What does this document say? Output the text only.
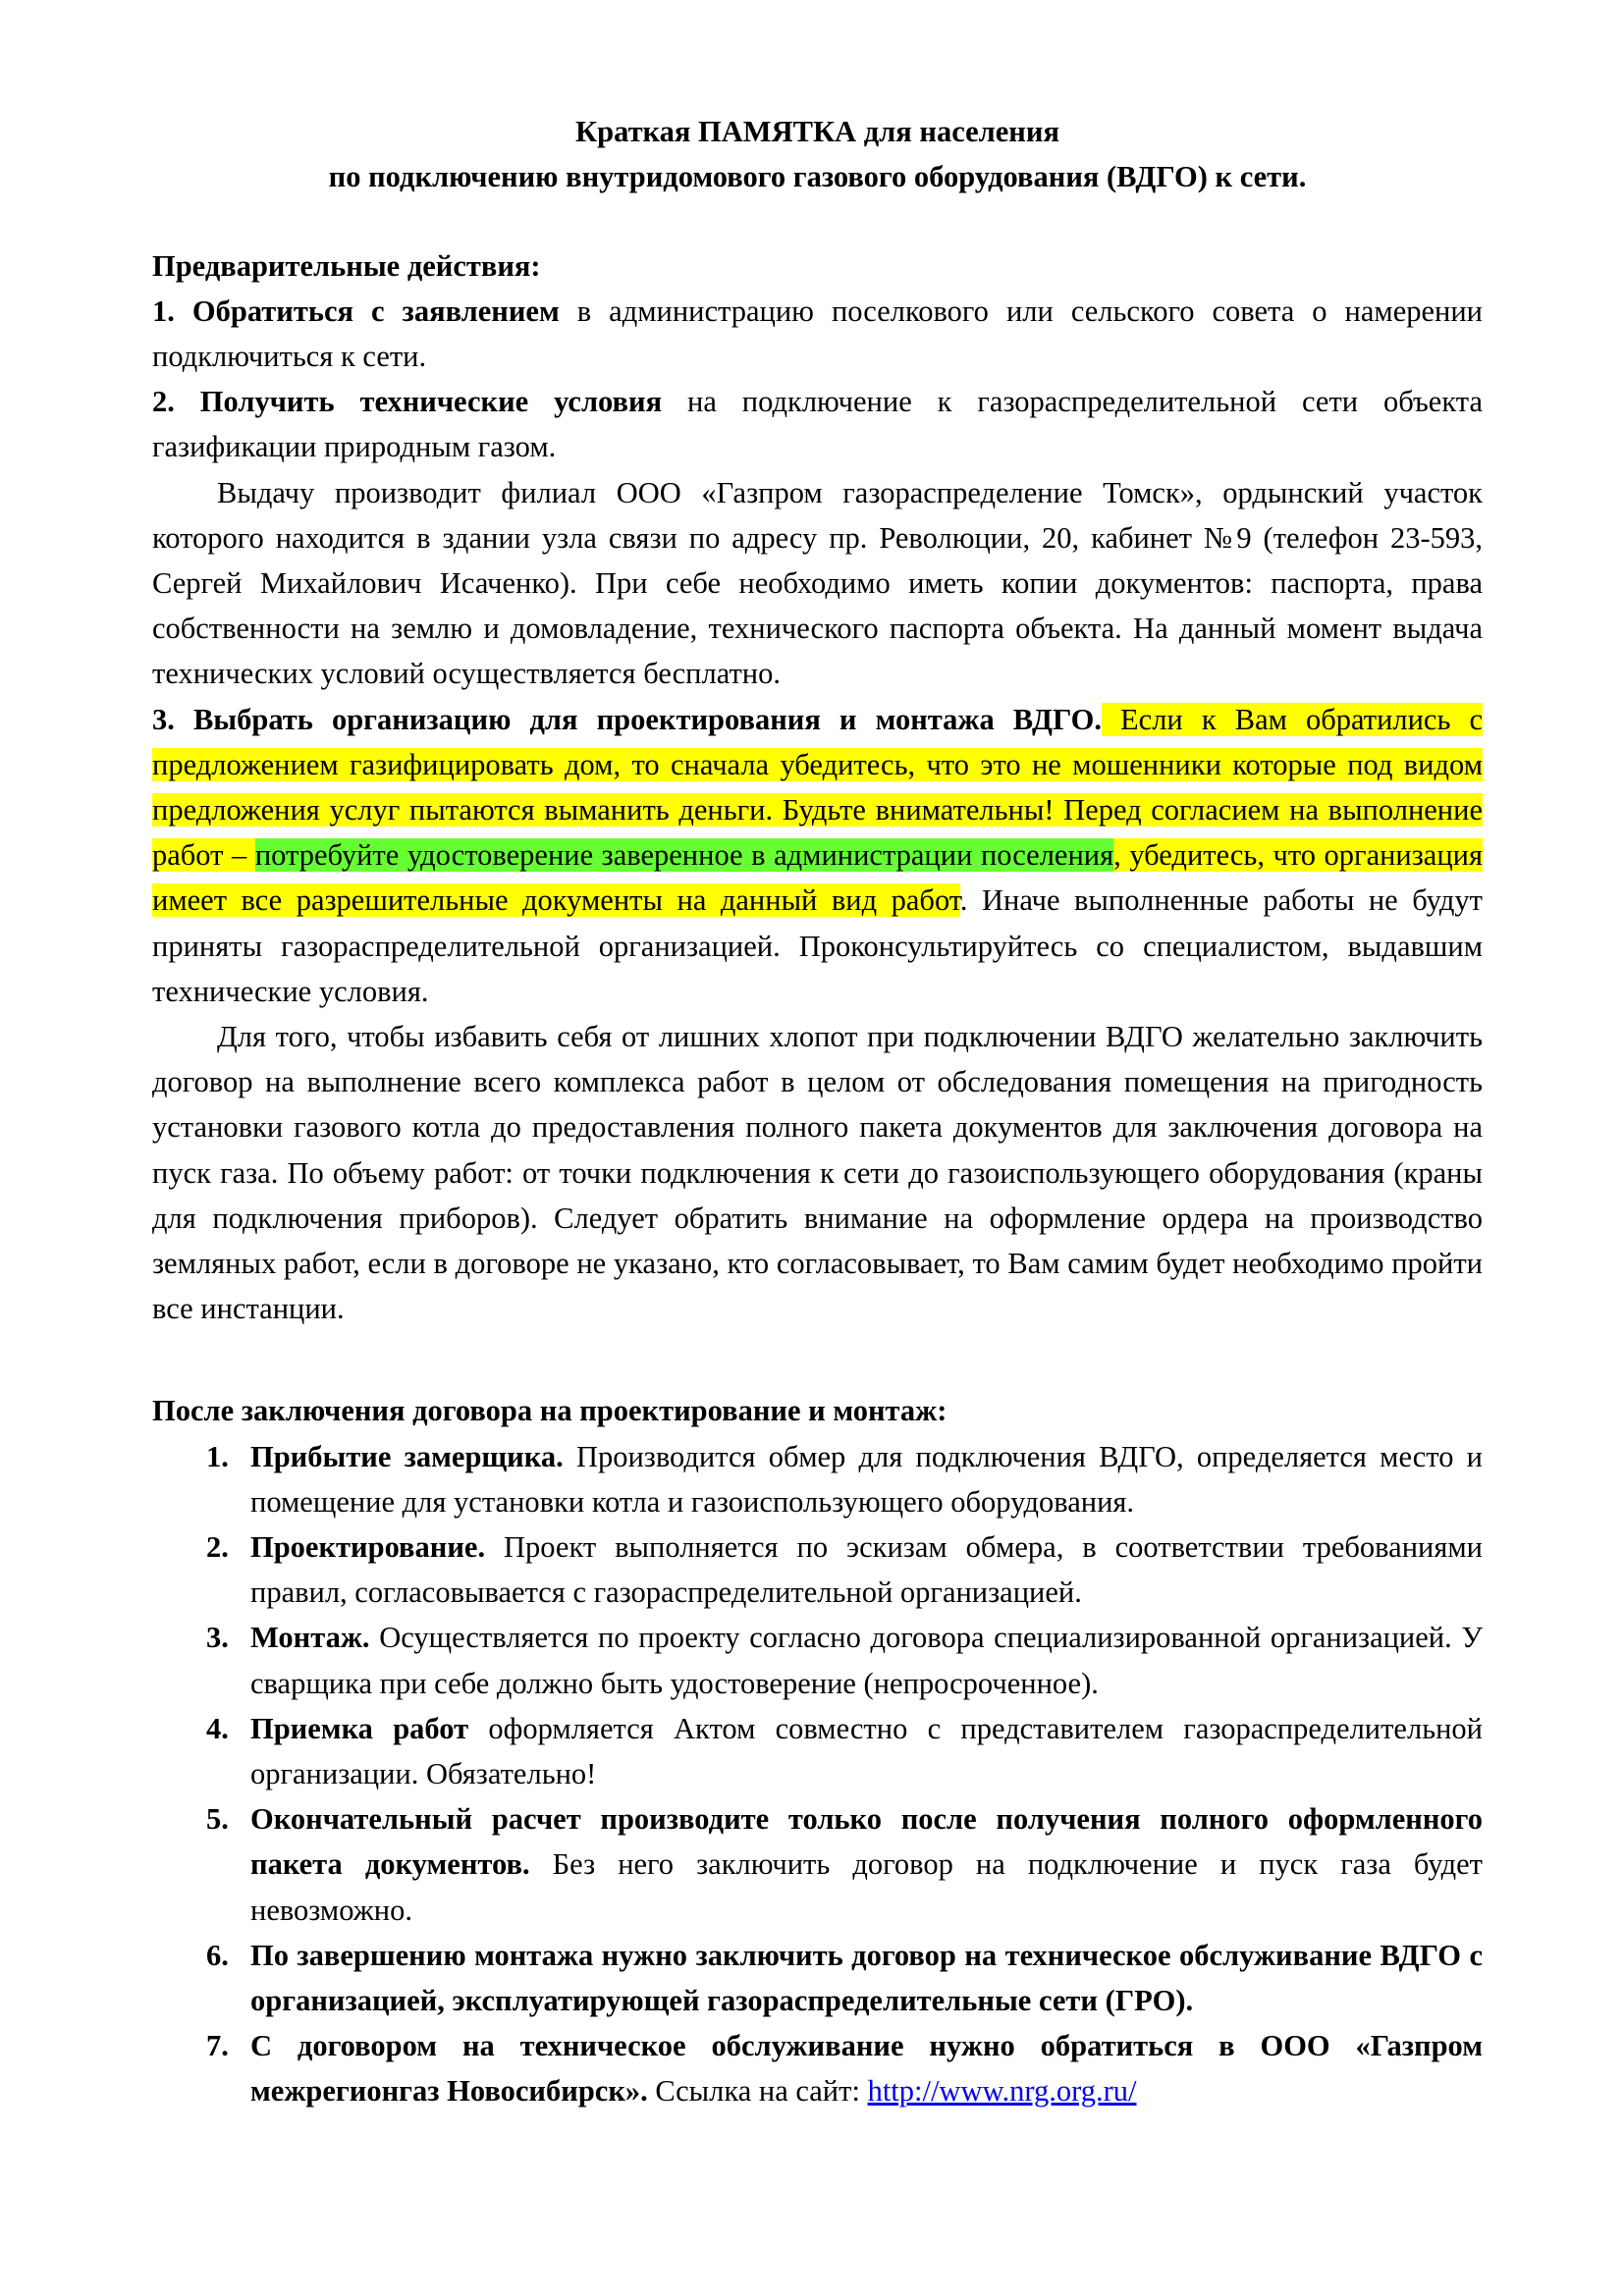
Краткая ПАМЯТКА для населения
по подключению внутридомового газового оборудования (ВДГО) к сети.

Предварительные действия:

1. Обратиться с заявлением в администрацию поселкового или сельского совета о намерении подключиться к сети.

2. Получить технические условия на подключение к газораспределительной сети объекта газификации природным газом.

Выдачу производит филиал ООО «Газпром газораспределение Томск», ордынский участок которого находится в здании узла связи по адресу пр. Революции, 20, кабинет №9 (телефон 23-593, Сергей Михайлович Исаченко). При себе необходимо иметь копии документов: паспорта, права собственности на землю и домовладение, технического паспорта объекта. На данный момент выдача технических условий осуществляется бесплатно.

3. Выбрать организацию для проектирования и монтажа ВДГО. Если к Вам обратились с предложением газифицировать дом, то сначала убедитесь, что это не мошенники которые под видом предложения услуг пытаются выманить деньги. Будьте внимательны! Перед согласием на выполнение работ – потребуйте удостоверение заверенное в администрации поселения, убедитесь, что организация имеет все разрешительные документы на данный вид работ. Иначе выполненные работы не будут приняты газораспределительной организацией. Проконсультируйтесь со специалистом, выдавшим технические условия.

Для того, чтобы избавить себя от лишних хлопот при подключении ВДГО желательно заключить договор на выполнение всего комплекса работ в целом от обследования помещения на пригодность установки газового котла до предоставления полного пакета документов для заключения договора на пуск газа. По объему работ: от точки подключения к сети до газоиспользующего оборудования (краны для подключения приборов). Следует обратить внимание на оформление ордера на производство земляных работ, если в договоре не указано, кто согласовывает, то Вам самим будет необходимо пройти все инстанции.

После заключения договора на проектирование и монтаж:

Прибытие замерщика. Производится обмер для подключения ВДГО, определяется место и помещение для установки котла и газоиспользующего оборудования.
Проектирование. Проект выполняется по эскизам обмера, в соответствии требованиями правил, согласовывается с газораспределительной организацией.
Монтаж. Осуществляется по проекту согласно договора специализированной организацией. У сварщика при себе должно быть удостоверение (непросроченное).
Приемка работ оформляется Актом совместно с представителем газораспределительной организации. Обязательно!
Окончательный расчет производите только после получения полного оформленного пакета документов. Без него заключить договор на подключение и пуск газа будет невозможно.
По завершению монтажа нужно заключить договор на техническое обслуживание ВДГО с организацией, эксплуатирующей газораспределительные сети (ГРО).
С договором на техническое обслуживание нужно обратиться в ООО «Газпром межрегионгаз Новосибирск». Ссылка на сайт: http://www.nrg.org.ru/
